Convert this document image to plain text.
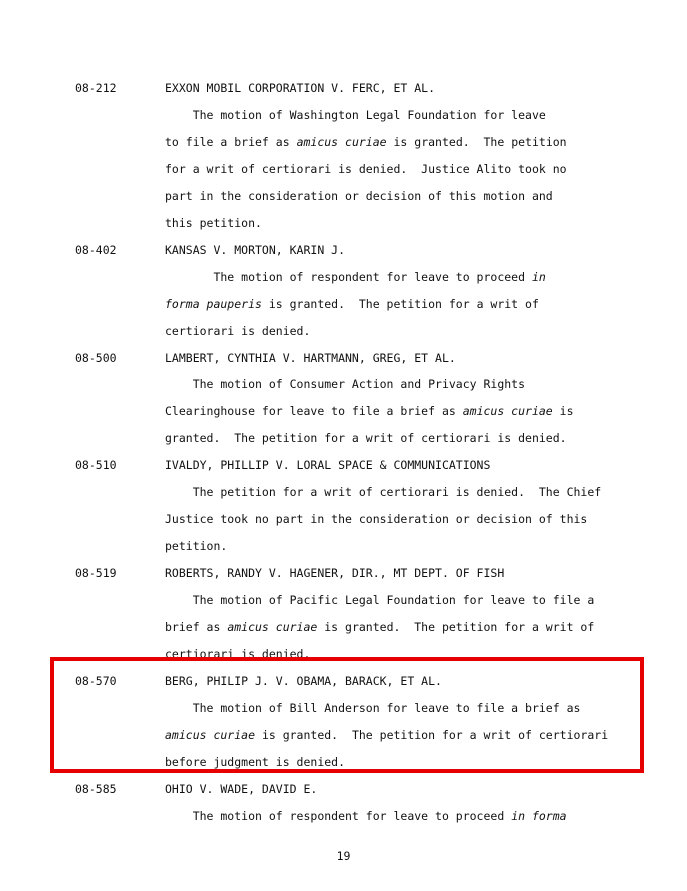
08-212	EXXON MOBIL CORPORATION V. FERC, ET AL.
The motion of Washington Legal Foundation for leave
to file a brief as amicus curiae is granted.  The petition
for a writ of certiorari is denied.  Justice Alito took no
part in the consideration or decision of this motion and
this petition.
08-402	KANSAS V. MORTON, KARIN J.
The motion of respondent for leave to proceed in
forma pauperis is granted.  The petition for a writ of
certiorari is denied.
08-500	LAMBERT, CYNTHIA V. HARTMANN, GREG, ET AL.
The motion of Consumer Action and Privacy Rights
Clearinghouse for leave to file a brief as amicus curiae is
granted.  The petition for a writ of certiorari is denied.
08-510	IVALDY, PHILLIP V. LORAL SPACE & COMMUNICATIONS
The petition for a writ of certiorari is denied.  The Chief
Justice took no part in the consideration or decision of this
petition.
08-519	ROBERTS, RANDY V. HAGENER, DIR., MT DEPT. OF FISH
The motion of Pacific Legal Foundation for leave to file a
brief as amicus curiae is granted.  The petition for a writ of
certiorari is denied.
08-570	BERG, PHILIP J. V. OBAMA, BARACK, ET AL.
The motion of Bill Anderson for leave to file a brief as
amicus curiae is granted.  The petition for a writ of certiorari
before judgment is denied.
08-585	OHIO V. WADE, DAVID E.
The motion of respondent for leave to proceed in forma
19
